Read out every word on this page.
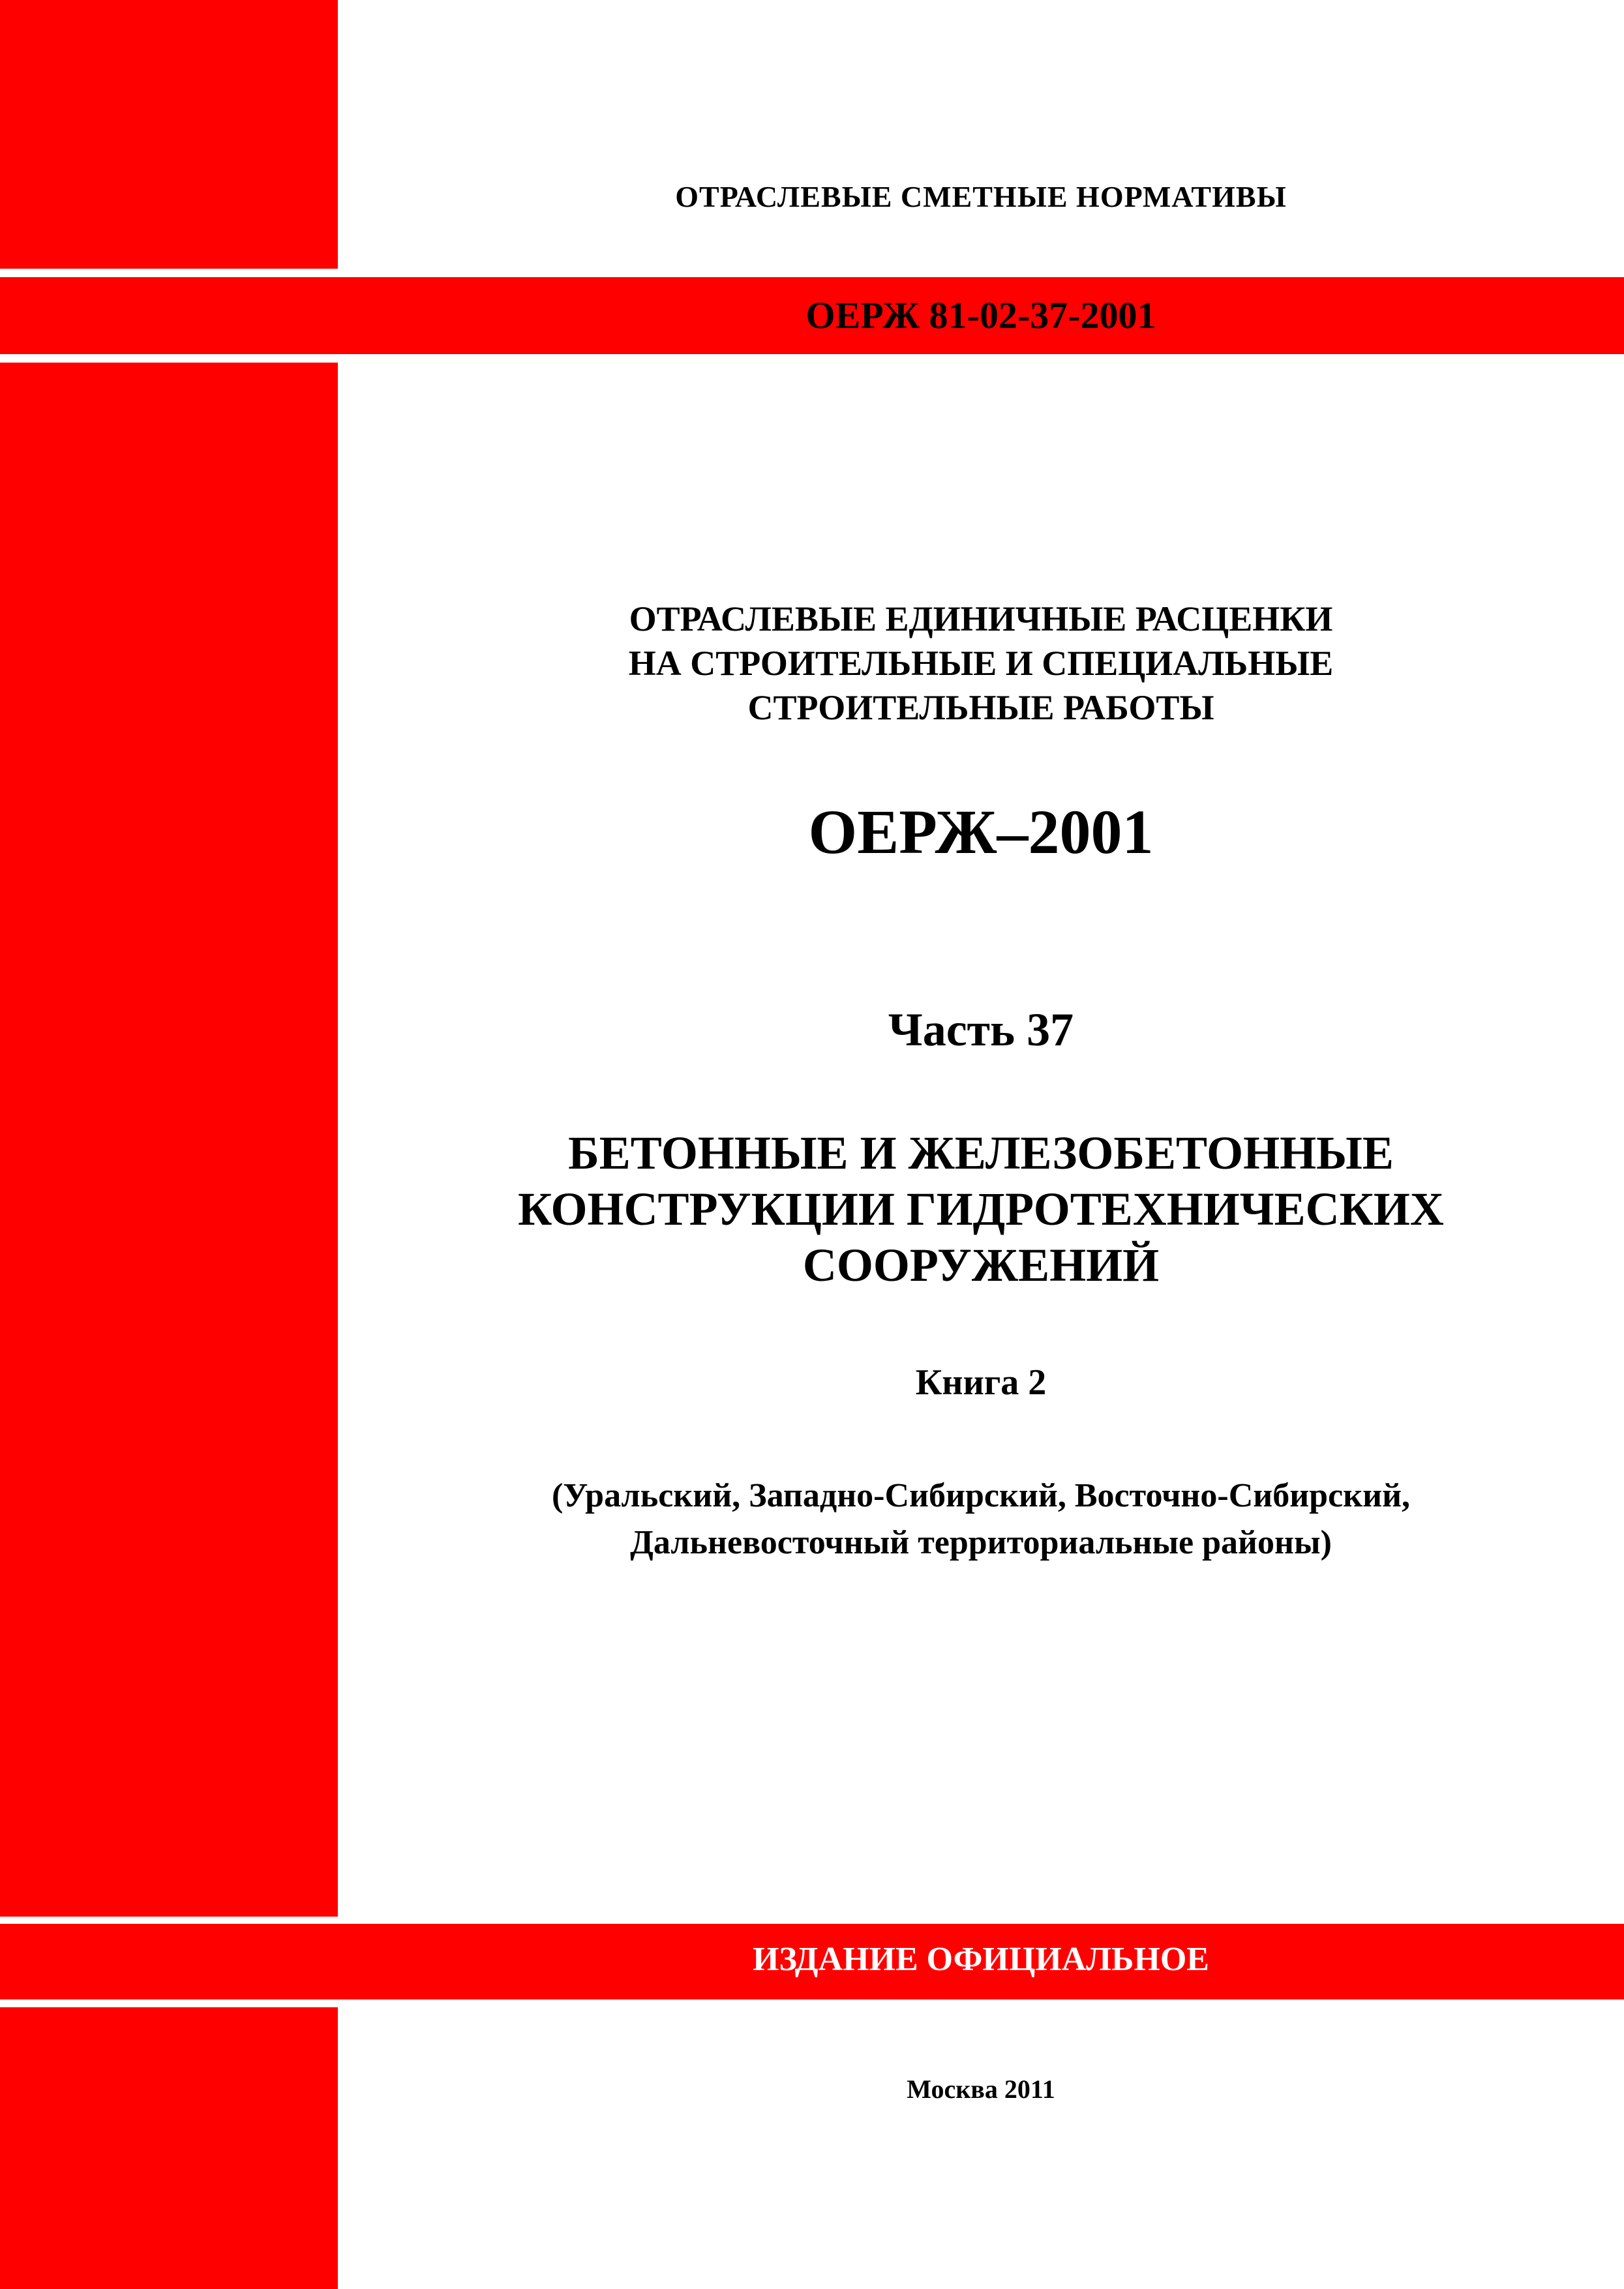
ОТРАСЛЕВЫЕ СМЕТНЫЕ НОРМАТИВЫ
ОЕРЖ 81-02-37-2001
ОТРАСЛЕВЫЕ ЕДИНИЧНЫЕ РАСЦЕНКИ
НА СТРОИТЕЛЬНЫЕ И СПЕЦИАЛЬНЫЕ
СТРОИТЕЛЬНЫЕ РАБОТЫ
ОЕРЖ–2001
Часть 37
БЕТОННЫЕ И ЖЕЛЕЗОБЕТОННЫЕ
КОНСТРУКЦИИ ГИДРОТЕХНИЧЕСКИХ
СООРУЖЕНИЙ
Книга 2
(Уральский, Западно-Сибирский, Восточно-Сибирский,
Дальневосточный территориальные районы)
ИЗДАНИЕ ОФИЦИАЛЬНОЕ
Москва 2011
